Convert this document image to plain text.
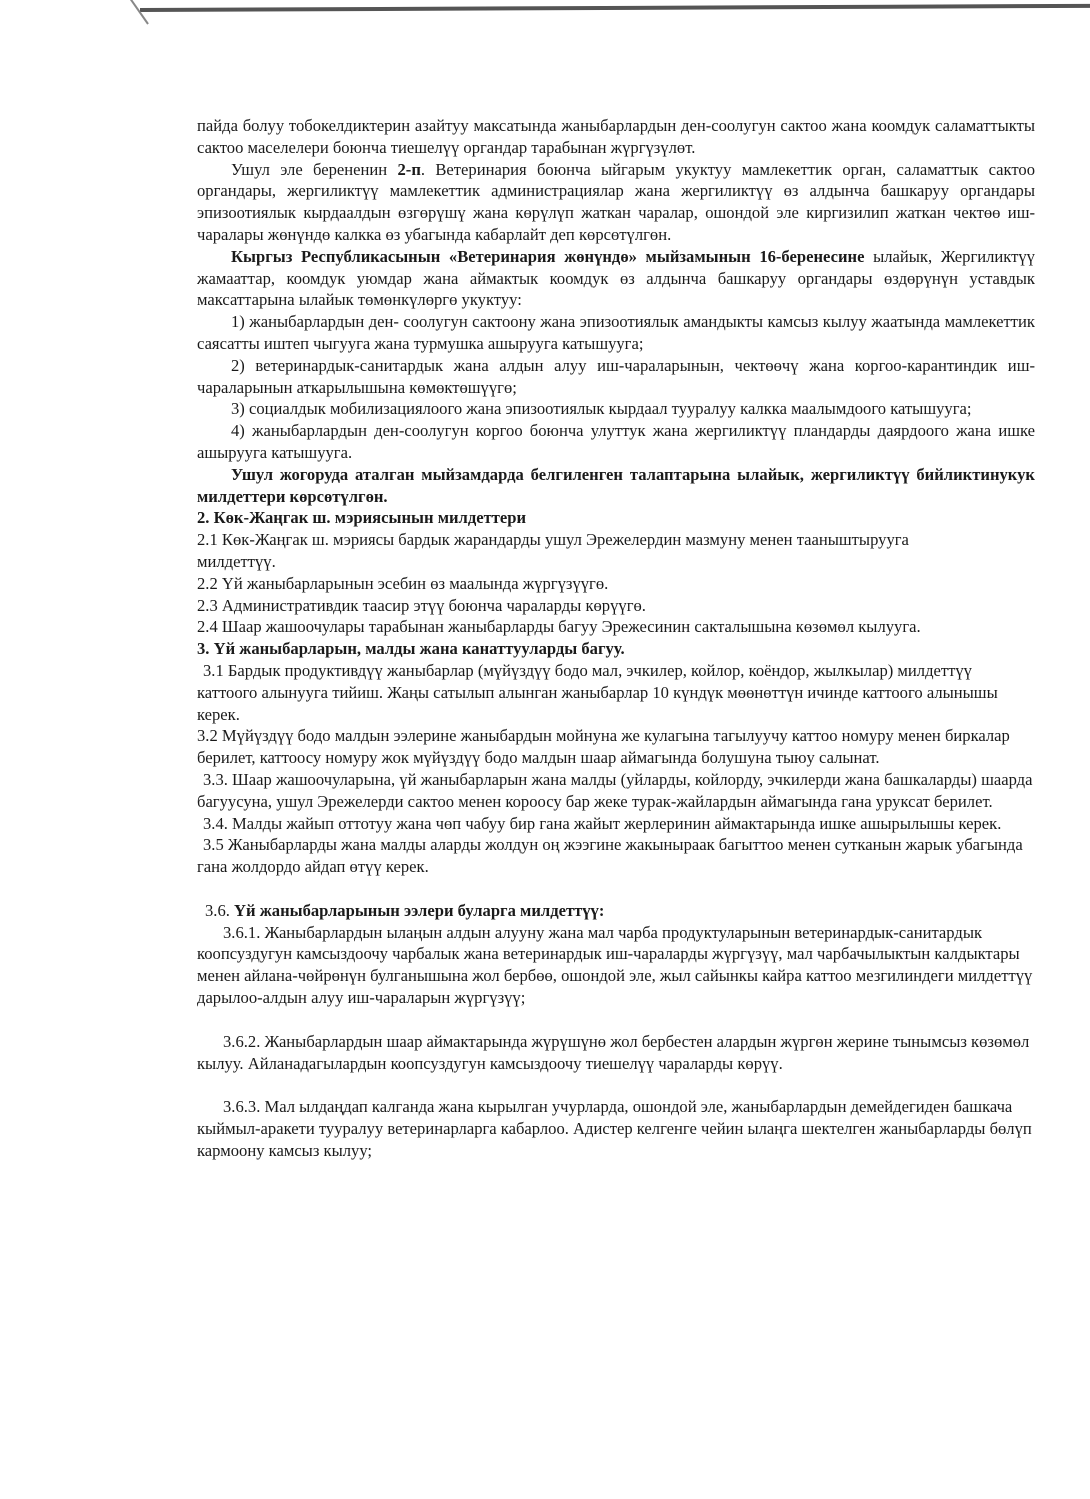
пайда болуу тобокелдиктерин азайтуу максатында жаныбарлардын ден-соолугун сактоо жана коомдук саламаттыкты сактоо маселелери боюнча тиешелүү органдар тарабынан жүргүзүлөт.

Ушул эле берененин 2-п. Ветеринария боюнча ыйгарым укуктуу мамлекеттик орган, саламаттык сактоо органдары, жергиликтүү мамлекеттик администрациялар жана жергиликтүү өз алдынча башкаруу органдары эпизоотиялык кырдаалдын өзгөрүшү жана көрүлүп жаткан чаралар, ошондой эле киргизилип жаткан чектөө иш-чаралары жөнүндө калкка өз убагында кабарлайт деп көрсөтүлгөн.

Кыргыз Республикасынын «Ветеринария жөнүндө» мыйзамынын 16-беренесине ылайык, Жергиликтүү жамааттар, коомдук уюмдар жана аймактык коомдук өз алдынча башкаруу органдары өздөрүнүн уставдык максаттарына ылайык төмөнкүлөргө укуктуу:

1) жаныбарлардын ден- соолугун сактоону жана эпизоотиялык амандыкты камсыз кылуу жаатында мамлекеттик саясатты иштеп чыгууга жана турмушка ашырууга катышууга;

2) ветеринардык-санитардык жана алдын алуу иш-чараларынын, чектөөчү жана коргоо-карантиндик иш-чараларынын аткарылышына көмөктөшүүгө;

3) социалдык мобилизациялоого жана эпизоотиялык кырдаал тууралуу калкка маалымдоого катышууга;

4) жаныбарлардын ден-соолугун коргоо боюнча улуттук жана жергиликтүү пландарды даярдоого жана ишке ашырууга катышууга.

Ушул жогоруда аталган мыйзамдарда белгиленген талаптарына ылайык, жергиликтүү бийликтинукук милдеттери көрсөтүлгөн.

2. Көк-Жаңгак ш. мэриясынын милдеттери

2.1 Көк-Жаңгак ш. мэриясы бардык жарандарды ушул Эрежелердин мазмуну менен тааныштырууга милдеттүү.

2.2 Үй жаныбарларынын эсебин өз маалында жүргүзүүгө.

2.3 Административдик таасир этүү боюнча чараларды көрүүгө.

2.4 Шаар жашоочулары тарабынан жаныбарларды багуу Эрежесинин сакталышына көзөмөл кылууга.

3. Үй жаныбарларын, малды жана канаттууларды багуу.

3.1 Бардык продуктивдүү жаныбарлар (мүйүздүү бодо мал, эчкилер, койлор, коёндор, жылкылар) милдеттүү каттоого алынууга тийиш. Жаңы сатылып алынган жаныбарлар 10 күндүк мөөнөттүн ичинде каттоого алынышы керек.

3.2 Мүйүздүү бодо малдын ээлерине жаныбардын мойнуна же кулагына тагылуучу каттоо номуру менен биркалар берилет, каттоосу номуру жок мүйүздүү бодо малдын шаар аймагында болушуна тыюу салынат.

3.3. Шаар жашоочуларына, үй жаныбарларын жана малды (уйларды, койлорду, эчкилерди жана башкаларды) шаарда багуусуна, ушул Эрежелерди сактоо менен короосу бар жеке турак-жайлардын аймагында гана уруксат берилет.

3.4. Малды жайып оттотуу жана чөп чабуу бир гана жайыт жерлеринин аймактарында ишке ашырылышы керек.

3.5 Жаныбарларды жана малды аларды жолдун оң жээгине жакыныраак багыттоо менен сутканын жарык убагында гана жолдордо айдап өтүү керек.

3.6. Үй жаныбарларынын ээлери буларга милдеттүү:

3.6.1. Жаныбарлардын ылаңын алдын алууну жана мал чарба продуктуларынын ветеринардык-санитардык коопсуздугун камсыздоочу чарбалык жана ветеринардык иш-чараларды жүргүзүү, мал чарбачылыктын калдыктары менен айлана-чөйрөнүн булганышына жол бербөө, ошондой эле, жыл сайынкы кайра каттоо мезгилиндеги милдеттүү дарылоо-алдын алуу иш-чараларын жүргүзүү;

3.6.2. Жаныбарлардын шаар аймактарында жүрүшүнө жол бербестен алардын жүргөн жерине тынымсыз көзөмөл кылуу. Айланадагылардын коопсуздугун камсыздоочу тиешелүү чараларды көрүү.

3.6.3. Мал ылдаңдап калганда жана кырылган учурларда, ошондой эле, жаныбарлардын демейдегиден башкача кыймыл-аракети тууралуу ветеринарларга кабарлоо. Адистер келгенге чейин ылаңга шектелген жаныбарларды бөлүп кармоону камсыз кылуу;
